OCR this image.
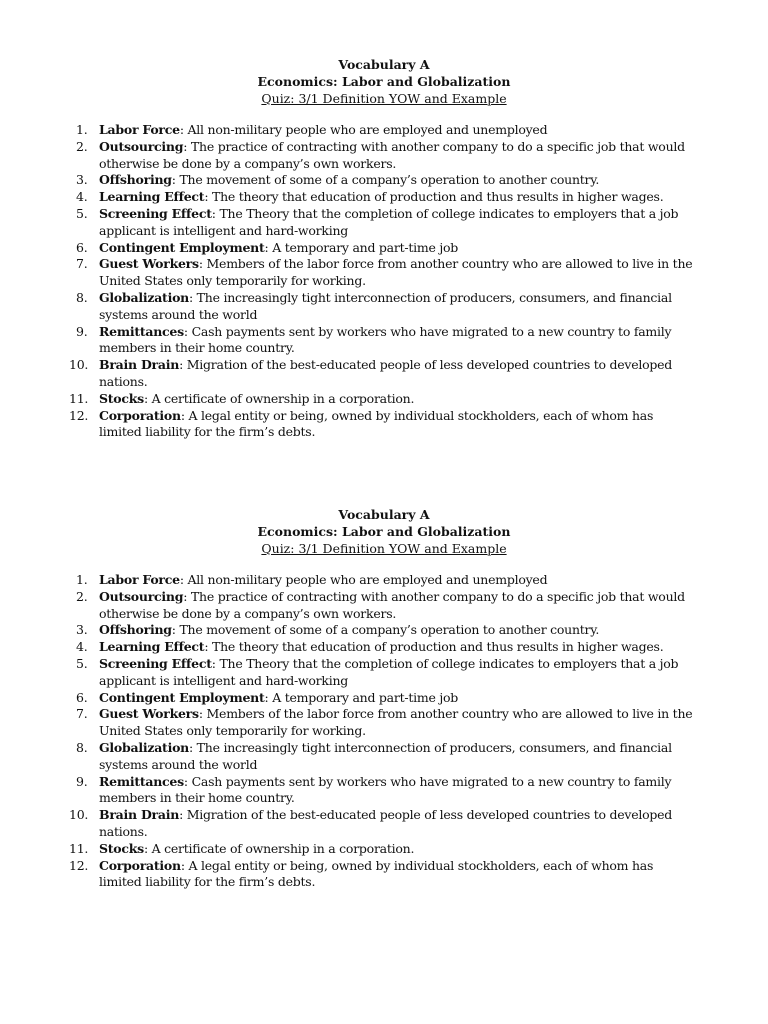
Vocabulary A
Economics: Labor and Globalization
Quiz: 3/1 Definition YOW and Example
1. Labor Force: All non-military people who are employed and unemployed
2. Outsourcing: The practice of contracting with another company to do a specific job that would otherwise be done by a company’s own workers.
3. Offshoring: The movement of some of a company’s operation to another country.
4. Learning Effect: The theory that education of production and thus results in higher wages.
5. Screening Effect: The Theory that the completion of college indicates to employers that a job applicant is intelligent and hard-working
6. Contingent Employment: A temporary and part-time job
7. Guest Workers: Members of the labor force from another country who are allowed to live in the United States only temporarily for working.
8. Globalization: The increasingly tight interconnection of producers, consumers, and financial systems around the world
9. Remittances: Cash payments sent by workers who have migrated to a new country to family members in their home country.
10. Brain Drain: Migration of the best-educated people of less developed countries to developed nations.
11. Stocks: A certificate of ownership in a corporation.
12. Corporation: A legal entity or being, owned by individual stockholders, each of whom has limited liability for the firm’s debts.
Vocabulary A
Economics: Labor and Globalization
Quiz: 3/1 Definition YOW and Example
1. Labor Force: All non-military people who are employed and unemployed
2. Outsourcing: The practice of contracting with another company to do a specific job that would otherwise be done by a company’s own workers.
3. Offshoring: The movement of some of a company’s operation to another country.
4. Learning Effect: The theory that education of production and thus results in higher wages.
5. Screening Effect: The Theory that the completion of college indicates to employers that a job applicant is intelligent and hard-working
6. Contingent Employment: A temporary and part-time job
7. Guest Workers: Members of the labor force from another country who are allowed to live in the United States only temporarily for working.
8. Globalization: The increasingly tight interconnection of producers, consumers, and financial systems around the world
9. Remittances: Cash payments sent by workers who have migrated to a new country to family members in their home country.
10. Brain Drain: Migration of the best-educated people of less developed countries to developed nations.
11. Stocks: A certificate of ownership in a corporation.
12. Corporation: A legal entity or being, owned by individual stockholders, each of whom has limited liability for the firm’s debts.
